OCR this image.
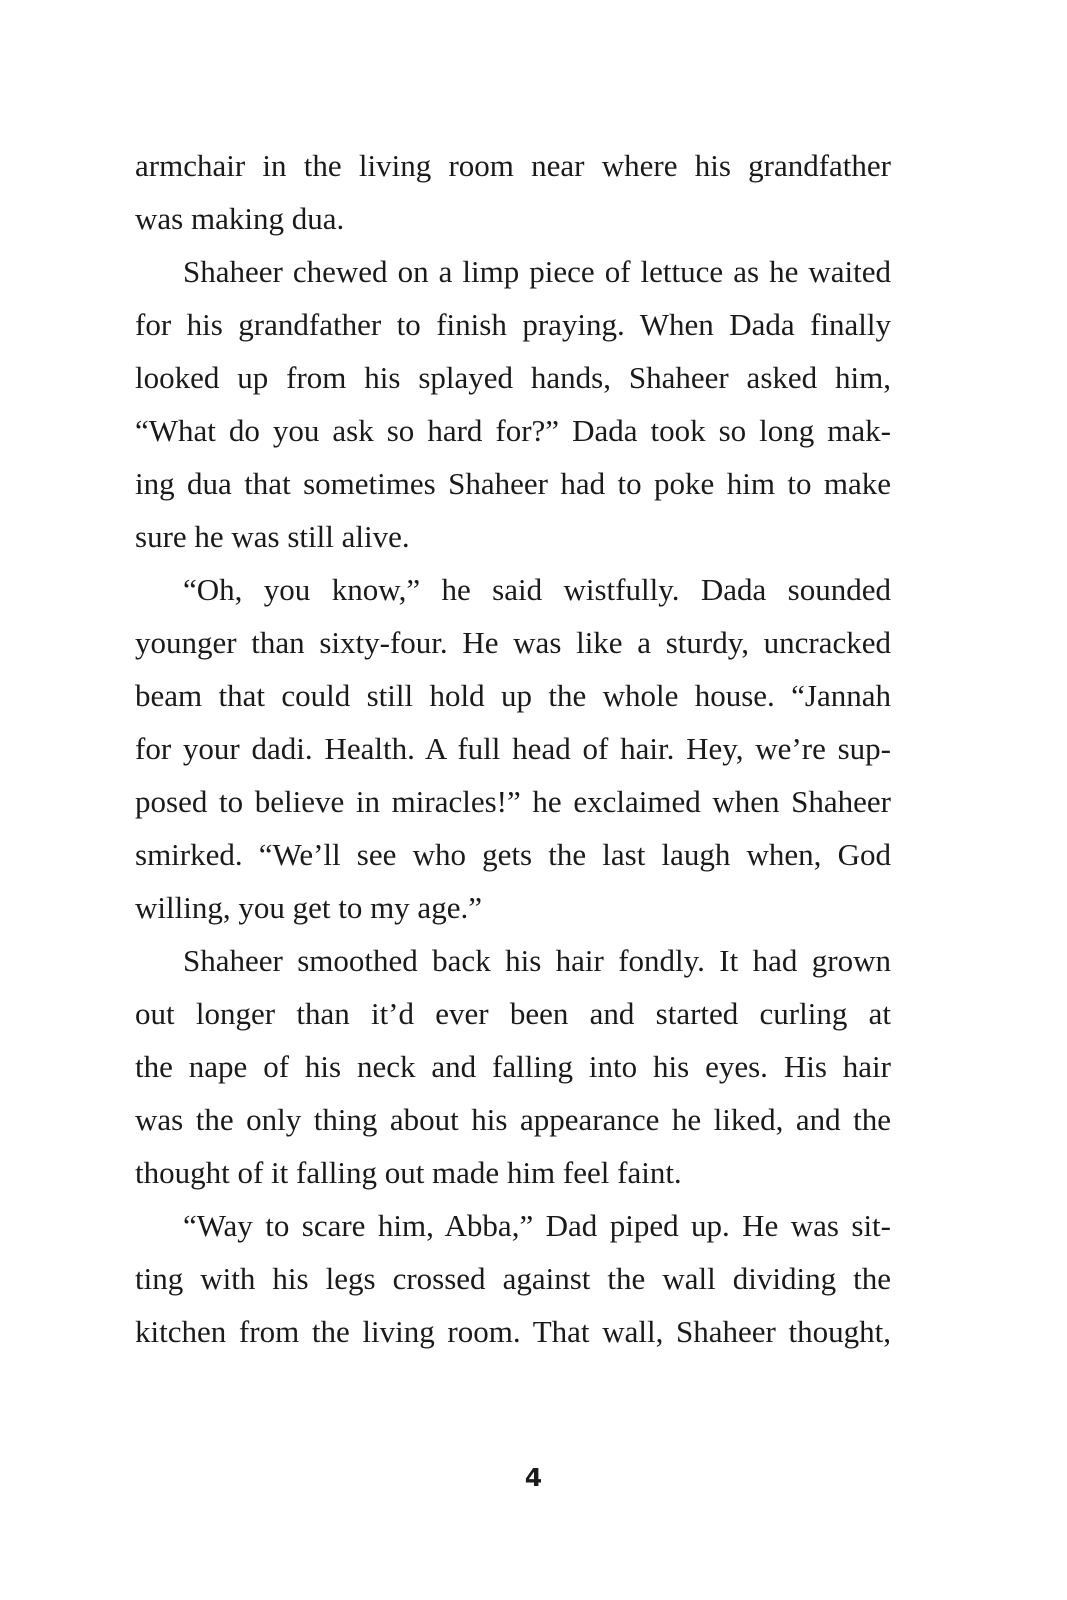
armchair in the living room near where his grandfather
was making dua.
Shaheer chewed on a limp piece of lettuce as he waited
for his grandfather to finish praying. When Dada finally
looked up from his splayed hands, Shaheer asked him,
“What do you ask so hard for?” Dada took so long mak-
ing dua that sometimes Shaheer had to poke him to make
sure he was still alive.
“Oh, you know,” he said wistfully. Dada sounded
younger than sixty-four. He was like a sturdy, uncracked
beam that could still hold up the whole house. “Jannah
for your dadi. Health. A full head of hair. Hey, we’re sup-
posed to believe in miracles!” he exclaimed when Shaheer
smirked. “We’ll see who gets the last laugh when, God
willing, you get to my age.”
Shaheer smoothed back his hair fondly. It had grown
out longer than it’d ever been and started curling at
the nape of his neck and falling into his eyes. His hair
was the only thing about his appearance he liked, and the
thought of it falling out made him feel faint.
“Way to scare him, Abba,” Dad piped up. He was sit-
ting with his legs crossed against the wall dividing the
kitchen from the living room. That wall, Shaheer thought,
4
